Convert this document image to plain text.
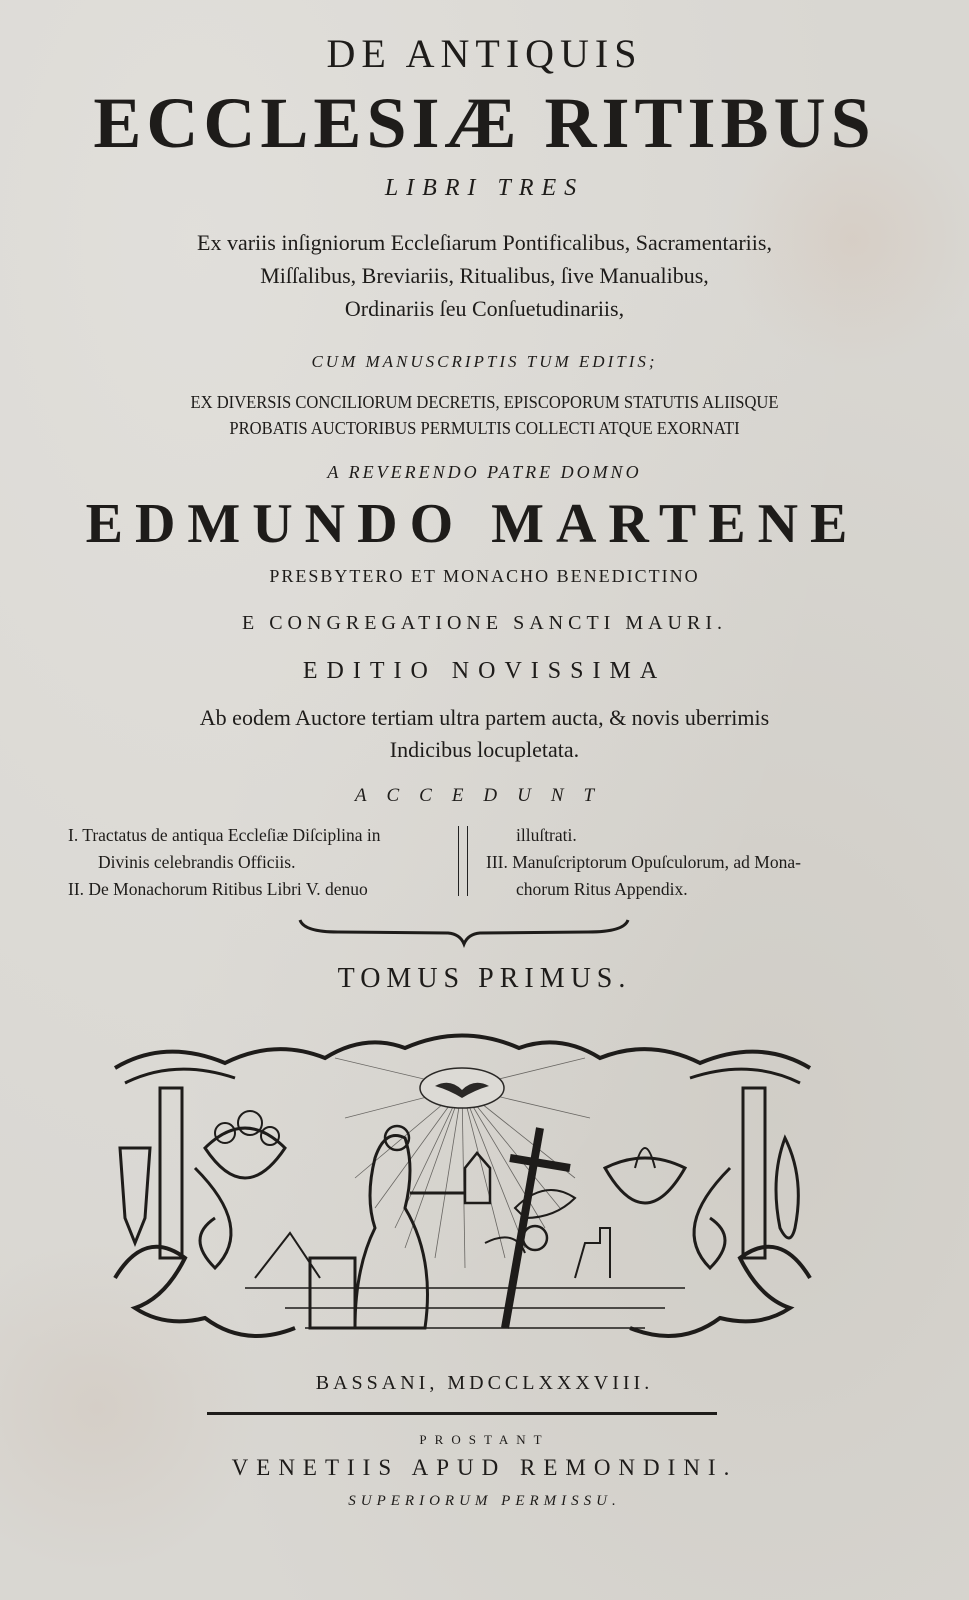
DE ANTIQUIS
ECCLESIÆ RITIBUS
LIBRI TRES
Ex variis inſigniorum Eccleſiarum Pontificalibus, Sacramentariis,
Miſſalibus, Breviariis, Ritualibus, ſive Manualibus,
Ordinariis ſeu Conſuetudinariis,
CUM MANUSCRIPTIS TUM EDITIS;
EX DIVERSIS CONCILIORUM DECRETIS, EPISCOPORUM STATUTIS ALIISQUE
PROBATIS AUCTORIBUS PERMULTIS COLLECTI ATQUE EXORNATI
A REVERENDO PATRE DOMNO
EDMUNDO MARTENE
PRESBYTERO ET MONACHO BENEDICTINO
E CONGREGATIONE SANCTI MAURI.
EDITIO NOVISSIMA
Ab eodem Auctore tertiam ultra partem aucta, & novis uberrimis
Indicibus locupletata.
ACCEDUNT
I. Tractatus de antiqua Eccleſiæ Diſciplina in
Divinis celebrandis Officiis.
II. De Monachorum Ritibus Libri V. denuo
illuſtrati.
III. Manuſcriptorum Opuſculorum, ad Mona-
chorum Ritus Appendix.
TOMUS PRIMUS.
BASSANI, MDCCLXXXVIII.
PROSTANT
VENETIIS APUD REMONDINI.
SUPERIORUM PERMISSU.
